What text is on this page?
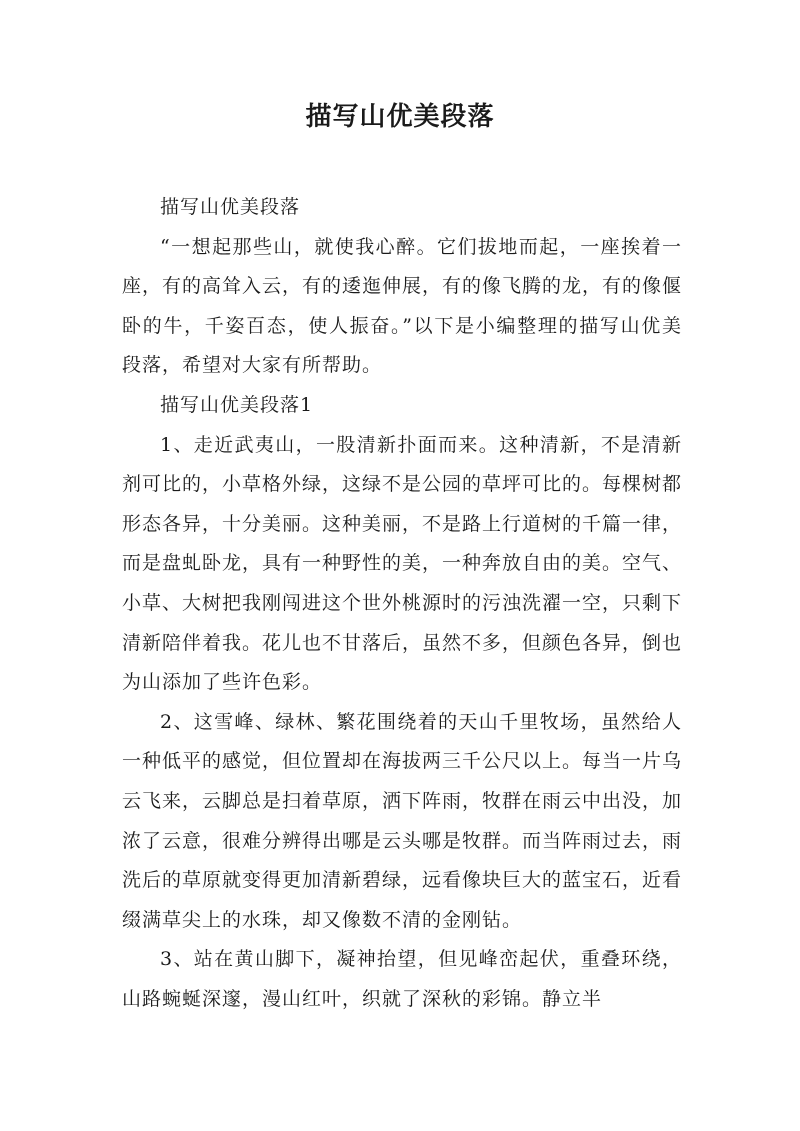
描写山优美段落

描写山优美段落

“一想起那些山，就使我心醉。它们拔地而起，一座挨着一座，有的高耸入云，有的逶迤伸展，有的像飞腾的龙，有的像偃卧的牛，千姿百态，使人振奋。”以下是小编整理的描写山优美段落，希望对大家有所帮助。

描写山优美段落1

1、走近武夷山，一股清新扑面而来。这种清新，不是清新剂可比的，小草格外绿，这绿不是公园的草坪可比的。每棵树都形态各异，十分美丽。这种美丽，不是路上行道树的千篇一律，而是盘虬卧龙，具有一种野性的美，一种奔放自由的美。空气、小草、大树把我刚闯进这个世外桃源时的污浊洗濯一空，只剩下清新陪伴着我。花儿也不甘落后，虽然不多，但颜色各异，倒也为山添加了些许色彩。

2、这雪峰、绿林、繁花围绕着的天山千里牧场，虽然给人一种低平的感觉，但位置却在海拔两三千公尺以上。每当一片乌云飞来，云脚总是扫着草原，洒下阵雨，牧群在雨云中出没，加浓了云意，很难分辨得出哪是云头哪是牧群。而当阵雨过去，雨洗后的草原就变得更加清新碧绿，远看像块巨大的蓝宝石，近看缀满草尖上的水珠，却又像数不清的金刚钻。

3、站在黄山脚下，凝神抬望，但见峰峦起伏，重叠环绕，山路蜿蜒深邃，漫山红叶，织就了深秋的彩锦。静立半
